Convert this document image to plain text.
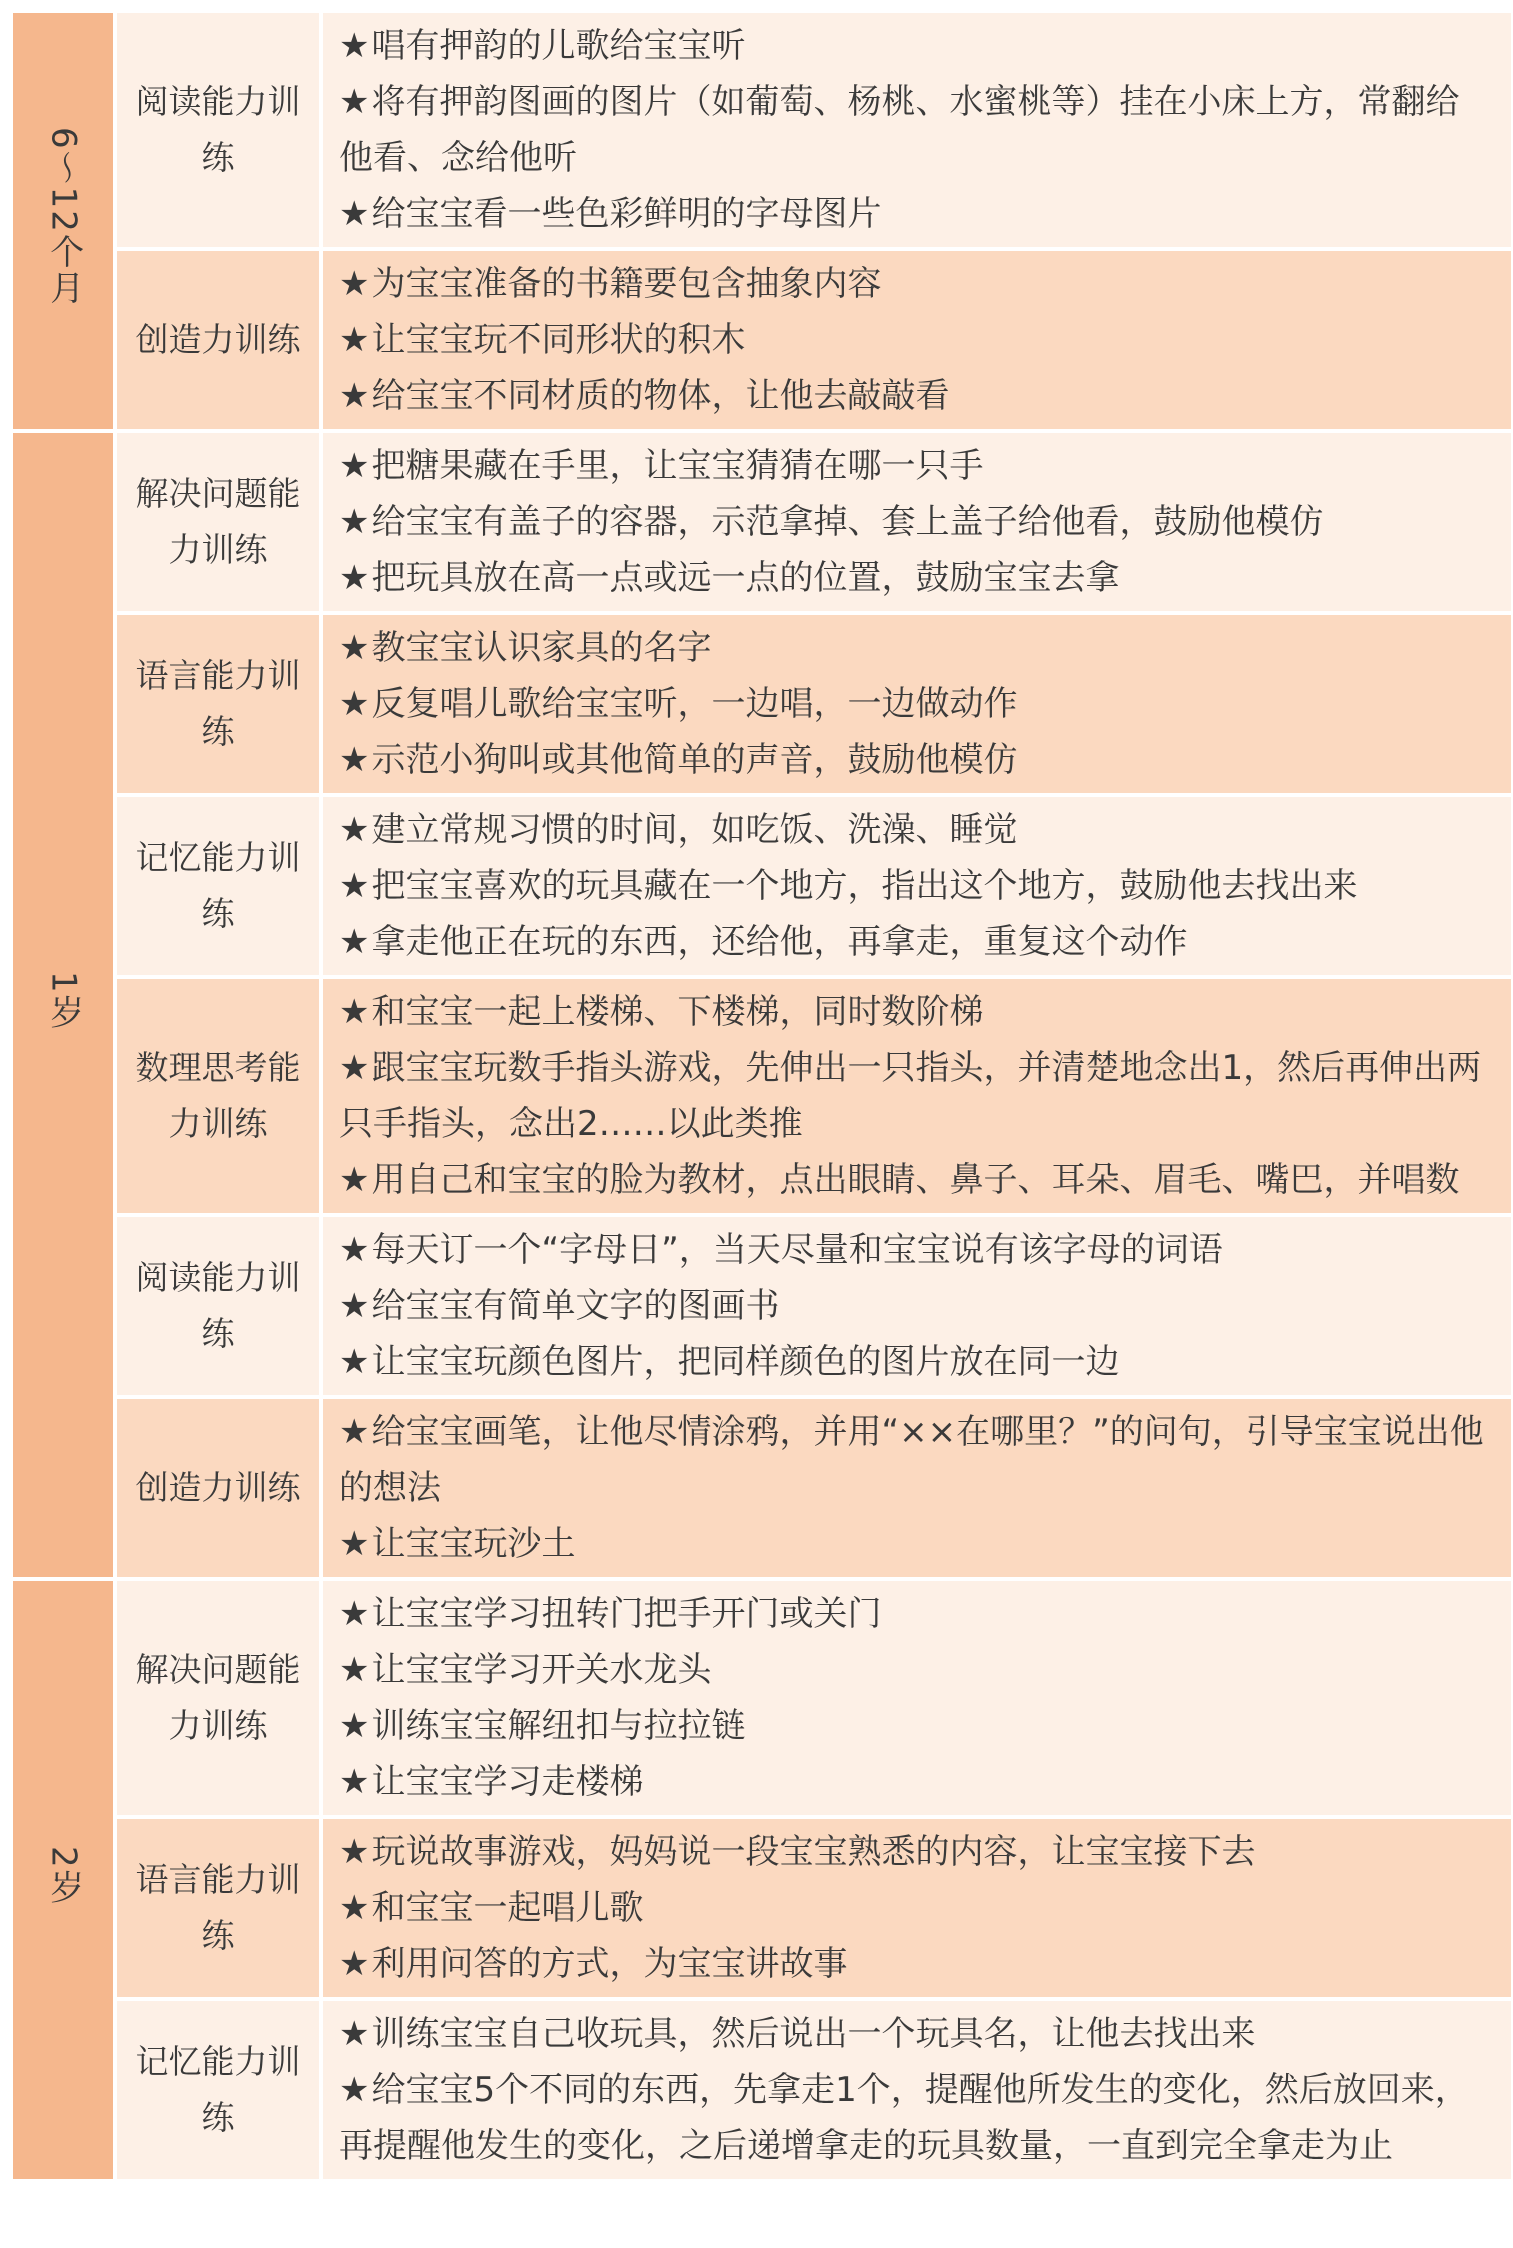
6～12个月	阅读能力训练	★唱有押韵的儿歌给宝宝听
★将有押韵图画的图片（如葡萄、杨桃、水蜜桃等）挂在小床上方，常翻给他看、念给他听
★给宝宝看一些色彩鲜明的字母图片

	创造力训练	★为宝宝准备的书籍要包含抽象内容
★让宝宝玩不同形状的积木
★给宝宝不同材质的物体，让他去敲敲看

1岁	解决问题能力训练	★把糖果藏在手里，让宝宝猜猜在哪一只手
★给宝宝有盖子的容器，示范拿掉、套上盖子给他看，鼓励他模仿
★把玩具放在高一点或远一点的位置，鼓励宝宝去拿

	语言能力训练	★教宝宝认识家具的名字
★反复唱儿歌给宝宝听，一边唱，一边做动作
★示范小狗叫或其他简单的声音，鼓励他模仿

	记忆能力训练	★建立常规习惯的时间，如吃饭、洗澡、睡觉
★把宝宝喜欢的玩具藏在一个地方，指出这个地方，鼓励他去找出来
★拿走他正在玩的东西，还给他，再拿走，重复这个动作

	数理思考能力训练	★和宝宝一起上楼梯、下楼梯，同时数阶梯
★跟宝宝玩数手指头游戏，先伸出一只指头，并清楚地念出1，然后再伸出两只手指头，念出2……以此类推
★用自己和宝宝的脸为教材，点出眼睛、鼻子、耳朵、眉毛、嘴巴，并唱数

	阅读能力训练	★每天订一个“字母日”，当天尽量和宝宝说有该字母的词语
★给宝宝有简单文字的图画书
★让宝宝玩颜色图片，把同样颜色的图片放在同一边

	创造力训练	★给宝宝画笔，让他尽情涂鸦，并用“××在哪里？”的问句，引导宝宝说出他的想法
★让宝宝玩沙土

2岁	解决问题能力训练	★让宝宝学习扭转门把手开门或关门
★让宝宝学习开关水龙头
★训练宝宝解纽扣与拉拉链
★让宝宝学习走楼梯

	语言能力训练	★玩说故事游戏，妈妈说一段宝宝熟悉的内容，让宝宝接下去
★和宝宝一起唱儿歌
★利用问答的方式，为宝宝讲故事

	记忆能力训练	★训练宝宝自己收玩具，然后说出一个玩具名，让他去找出来
★给宝宝5个不同的东西，先拿走1个，提醒他所发生的变化，然后放回来，再提醒他发生的变化，之后递增拿走的玩具数量，一直到完全拿走为止
